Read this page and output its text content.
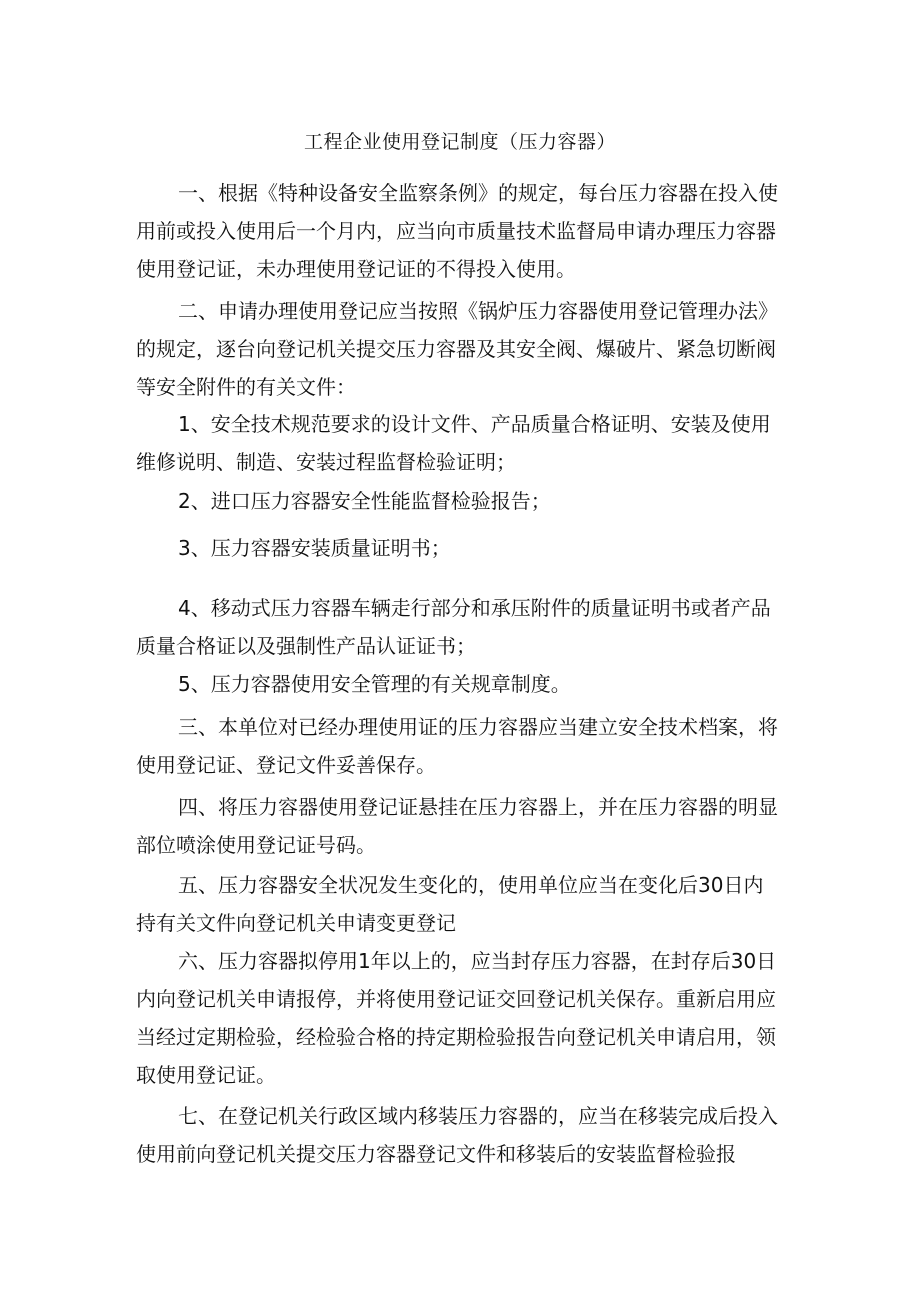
工程企业使用登记制度（压力容器）

一、根据《特种设备安全监察条例》的规定，每台压力容器在投入使用前或投入使用后一个月内，应当向市质量技术监督局申请办理压力容器使用登记证，未办理使用登记证的不得投入使用。

二、申请办理使用登记应当按照《锅炉压力容器使用登记管理办法》的规定，逐台向登记机关提交压力容器及其安全阀、爆破片、紧急切断阀等安全附件的有关文件：

1、安全技术规范要求的设计文件、产品质量合格证明、安装及使用维修说明、制造、安装过程监督检验证明；

2、进口压力容器安全性能监督检验报告；

3、压力容器安装质量证明书；

4、移动式压力容器车辆走行部分和承压附件的质量证明书或者产品质量合格证以及强制性产品认证证书；

5、压力容器使用安全管理的有关规章制度。

三、本单位对已经办理使用证的压力容器应当建立安全技术档案，将使用登记证、登记文件妥善保存。

四、将压力容器使用登记证悬挂在压力容器上，并在压力容器的明显部位喷涂使用登记证号码。

五、压力容器安全状况发生变化的，使用单位应当在变化后30日内持有关文件向登记机关申请变更登记

六、压力容器拟停用1年以上的，应当封存压力容器，在封存后30日内向登记机关申请报停，并将使用登记证交回登记机关保存。重新启用应当经过定期检验，经检验合格的持定期检验报告向登记机关申请启用，领取使用登记证。

七、在登记机关行政区域内移装压力容器的，应当在移装完成后投入使用前向登记机关提交压力容器登记文件和移装后的安装监督检验报
